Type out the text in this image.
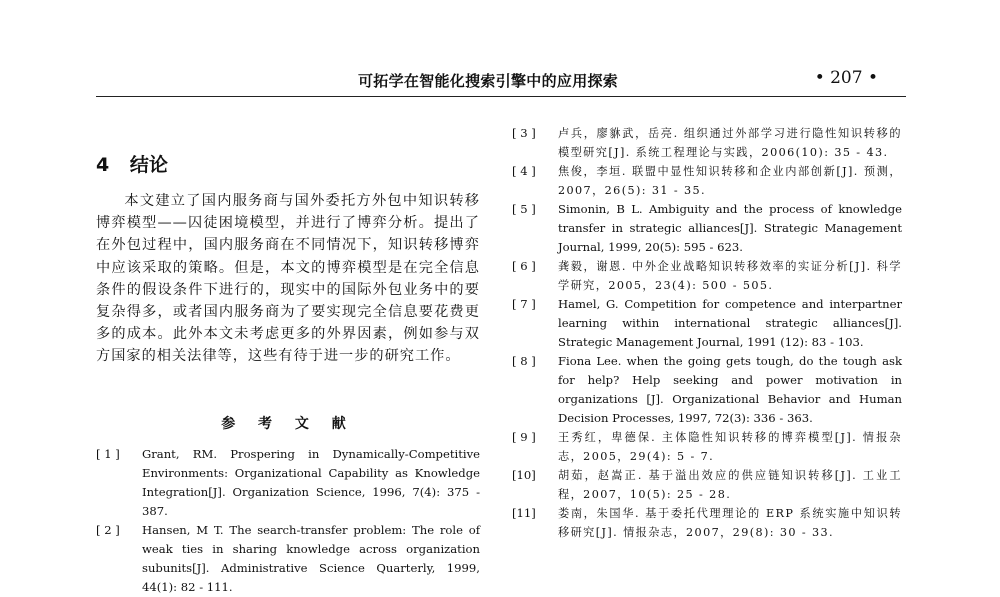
可拓学在智能化搜索引擎中的应用探索	• 207 •
4 结论
本文建立了国内服务商与国外委托方外包中知识转移博弈模型——囚徒困境模型，并进行了博弈分析。提出了在外包过程中，国内服务商在不同情况下，知识转移博弈中应该采取的策略。但是，本文的博弈模型是在完全信息条件的假设条件下进行的，现实中的国际外包业务中的要复杂得多，或者国内服务商为了要实现完全信息要花费更多的成本。此外本文未考虑更多的外界因素，例如参与双方国家的相关法律等，这些有待于进一步的研究工作。
参 考 文 献
[ 1 ]	Grant, RM. Prospering in Dynamically-Competitive Environments: Organizational Capability as Knowledge Integration[J]. Organization Science, 1996, 7(4): 375 - 387.
[ 2 ]	Hansen, M T. The search-transfer problem: The role of weak ties in sharing knowledge across organization subunits[J]. Administrative Science Quarterly, 1999, 44(1): 82 - 111.
[ 3 ]	卢兵，廖貅武，岳亮. 组织通过外部学习进行隐性知识转移的模型研究[J]. 系统工程理论与实践，2006(10): 35 - 43.
[ 4 ]	焦俊，李垣. 联盟中显性知识转移和企业内部创新[J]. 预测，2007，26(5): 31 - 35.
[ 5 ]	Simonin, B L. Ambiguity and the process of knowledge transfer in strategic alliances[J]. Strategic Management Journal, 1999, 20(5): 595 - 623.
[ 6 ]	龚毅，谢恩. 中外企业战略知识转移效率的实证分析[J]. 科学学研究，2005，23(4): 500 - 505.
[ 7 ]	Hamel, G. Competition for competence and interpartner learning within international strategic alliances[J]. Strategic Management Journal, 1991 (12): 83 - 103.
[ 8 ]	Fiona Lee. when the going gets tough, do the tough ask for help? Help seeking and power motivation in organizations [J]. Organizational Behavior and Human Decision Processes, 1997, 72(3): 336 - 363.
[ 9 ]	王秀红，卑德保. 主体隐性知识转移的博弈模型[J]. 情报杂志，2005，29(4): 5 - 7.
[10]	胡茹，赵嵩正. 基于溢出效应的供应链知识转移[J]. 工业工程，2007，10(5): 25 - 28.
[11]	娄南，朱国华. 基于委托代理理论的 ERP 系统实施中知识转移研究[J]. 情报杂志，2007，29(8): 30 - 33.
